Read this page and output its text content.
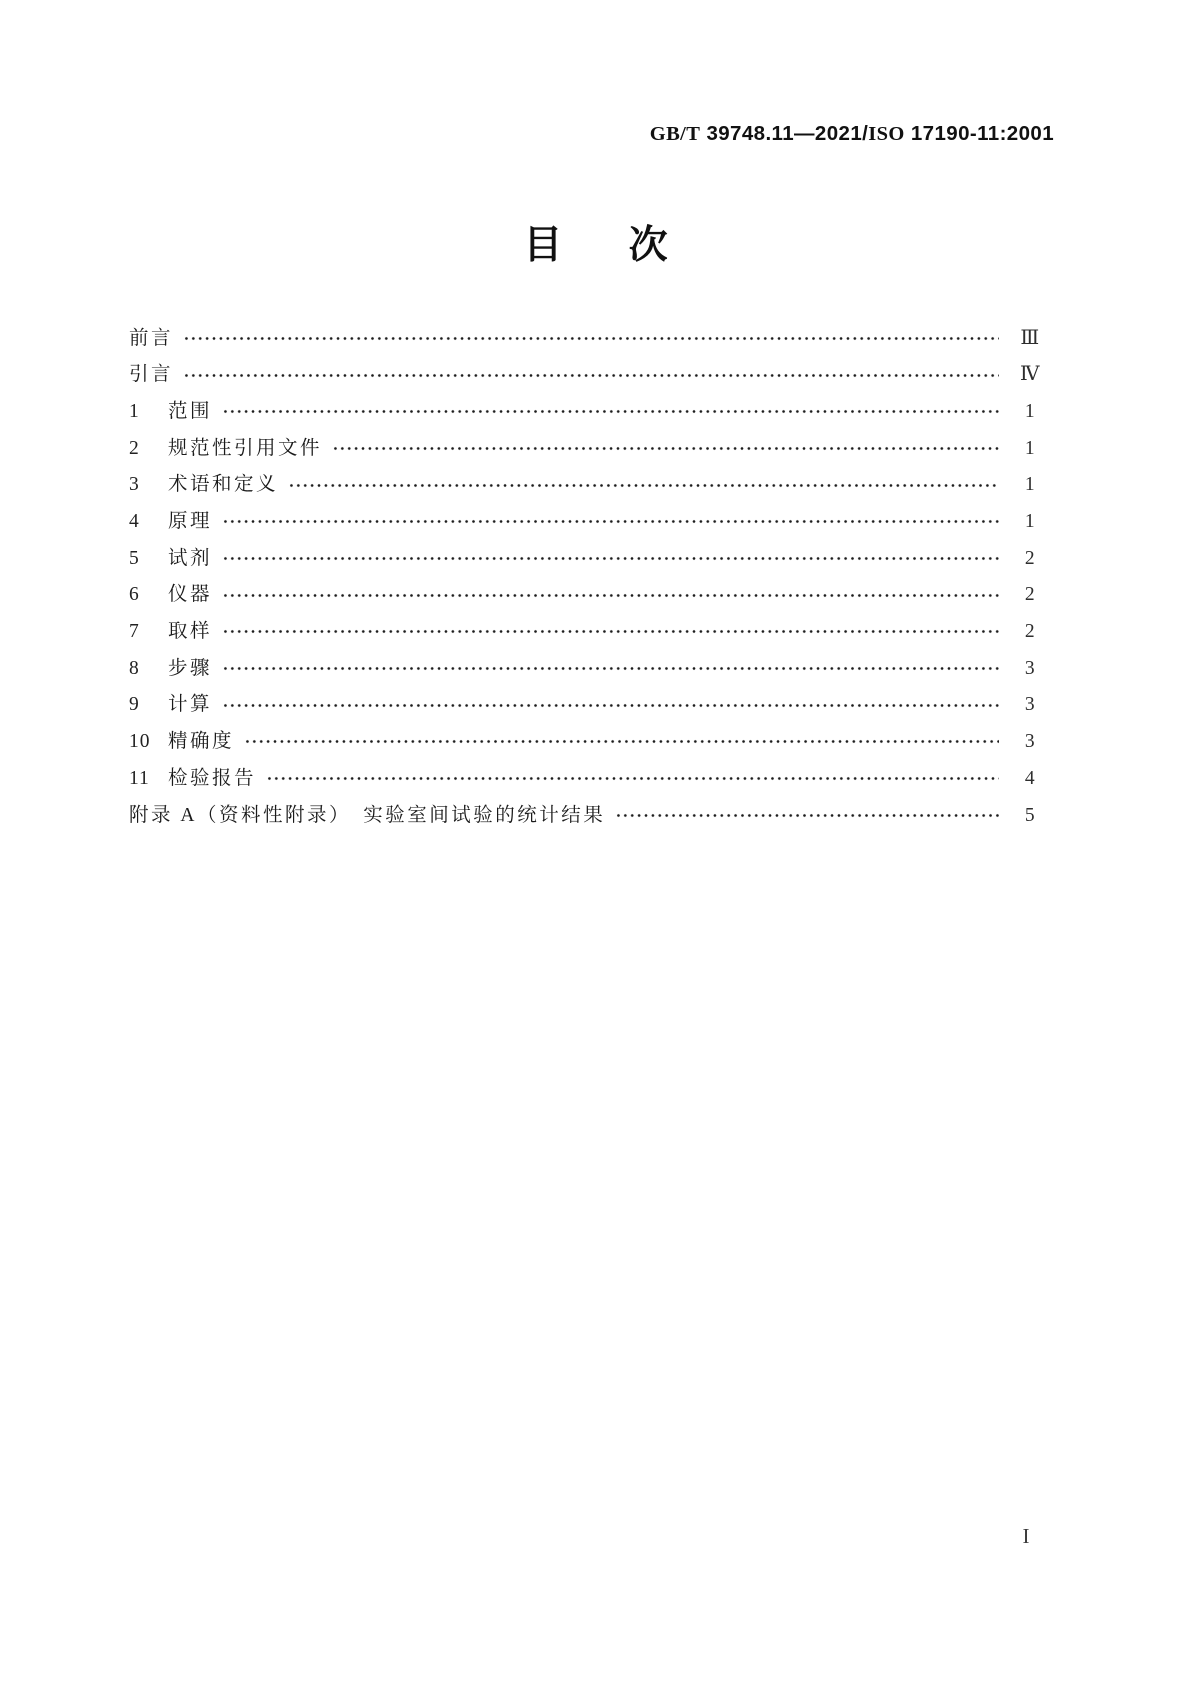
GB/T 39748.11—2021/ISO 17190-11:2001
目　次
前言	Ⅲ
引言	Ⅳ
1	范围	1
2	规范性引用文件	1
3	术语和定义	1
4	原理	1
5	试剂	2
6	仪器	2
7	取样	2
8	步骤	3
9	计算	3
10 精确度	3
11 检验报告	4
附录 A（资料性附录）　实验室间试验的统计结果	5
I
